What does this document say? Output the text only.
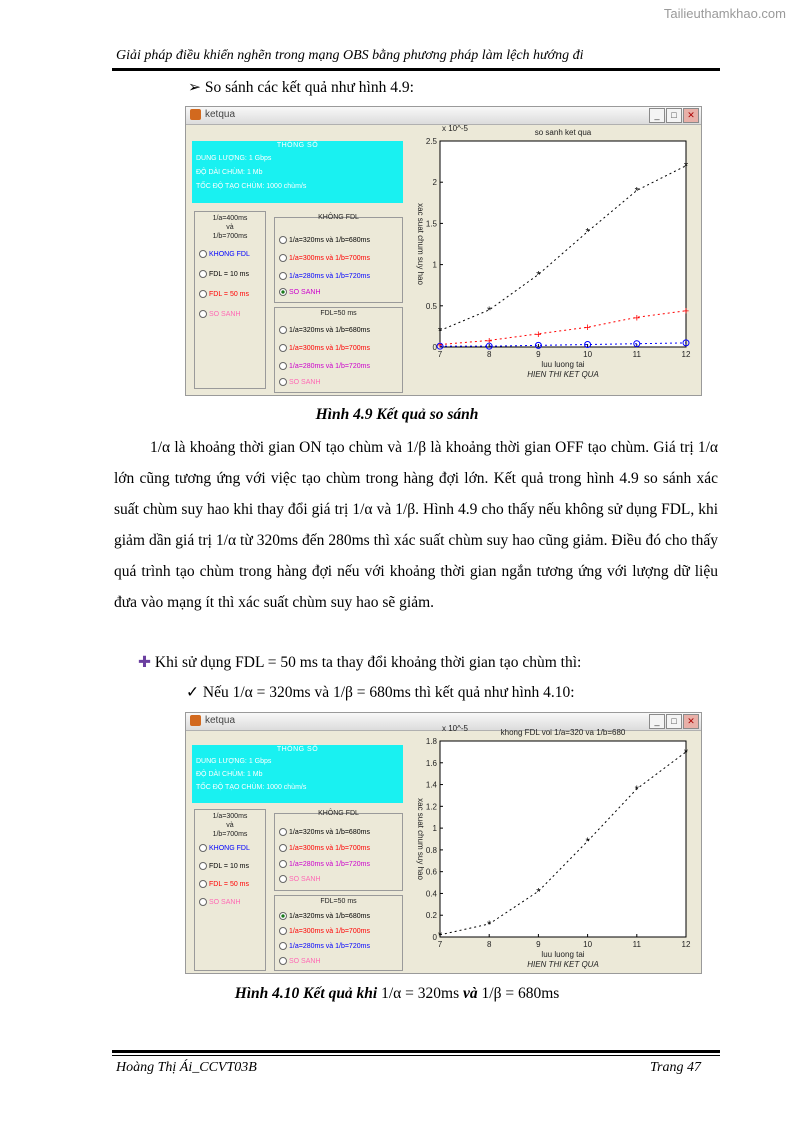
Tailieuthamkhao.com
Giải pháp điều khiển nghẽn trong mạng OBS bằng phương pháp làm lệch hướng đi
➢ So sánh các kết quả như hình 4.9:
ketqua	_	□	✕
THÔNG SỐ
DUNG LƯỢNG: 1 Gbps
ĐỘ DÀI CHÙM: 1 Mb
TỐC ĐỘ TẠO CHÙM: 1000 chùm/s
1/a=400ms
và
1/b=700ms
KHONG FDL
FDL = 10 ms
FDL = 50 ms
SO SANH
KHÔNG FDL
1/a=320ms và 1/b=680ms
1/a=300ms và 1/b=700ms
1/a=280ms và 1/b=720ms
SO SANH
FDL=50 ms
1/a=320ms và 1/b=680ms
1/a=300ms và 1/b=700ms
1/a=280ms và 1/b=720ms
SO SANH
so sanh ket qua
x 10^-5
7	8	9	10	11	12
0
0.5
1
1.5
2
2.5
luu luong tai
xac suat chum suy hao
HIEN THI KET QUA
*
*
*
*
*
*
+	+
+
+
+
+
Hình 4.9 Kết quả so sánh
1/α là khoảng thời gian ON tạo chùm và 1/β là khoảng thời gian OFF tạo chùm. Giá trị 1/α lớn cũng tương ứng với việc tạo chùm trong hàng đợi lớn. Kết quả trong hình 4.9 so sánh xác suất chùm suy hao khi thay đổi giá trị 1/α và 1/β. Hình 4.9 cho thấy nếu không sử dụng FDL, khi giảm dần giá trị 1/α từ 320ms đến 280ms thì xác suất chùm suy hao cũng giảm. Điều đó cho thấy quá trình tạo chùm trong hàng đợi nếu với khoảng thời gian ngắn tương ứng với lượng dữ liệu đưa vào mạng ít thì xác suất chùm suy hao sẽ giảm.
✚ Khi sử dụng FDL = 50 ms ta thay đổi khoảng thời gian tạo chùm thì:
✓ Nếu 1/α = 320ms và 1/β = 680ms thì kết quả như hình 4.10:
ketqua	_	□	✕
THÔNG SỐ
DUNG LƯỢNG: 1 Gbps
ĐỘ DÀI CHÙM: 1 Mb
TỐC ĐỘ TẠO CHÙM: 1000 chùm/s
1/a=300ms
và
1/b=700ms
KHONG FDL
FDL = 10 ms
FDL = 50 ms
SO SANH
KHÔNG FDL
1/a=320ms và 1/b=680ms
1/a=300ms và 1/b=700ms
1/a=280ms và 1/b=720ms
SO SANH
FDL=50 ms
1/a=320ms và 1/b=680ms
1/a=300ms và 1/b=700ms
1/a=280ms và 1/b=720ms
SO SANH
khong FDL voi 1/a=320 va 1/b=680
x 10^-5
7	8	9	10	11	12
0
0.2
0.4
0.6
0.8
1
1.2
1.4
1.6
1.8
luu luong tai
xac suat chum suy hao
HIEN THI KET QUA
*
*
*
*
*
*
Hình 4.10 Kết quả khi 1/α = 320ms và 1/β = 680ms
Hoàng Thị Ái_CCVT03B	Trang 47
